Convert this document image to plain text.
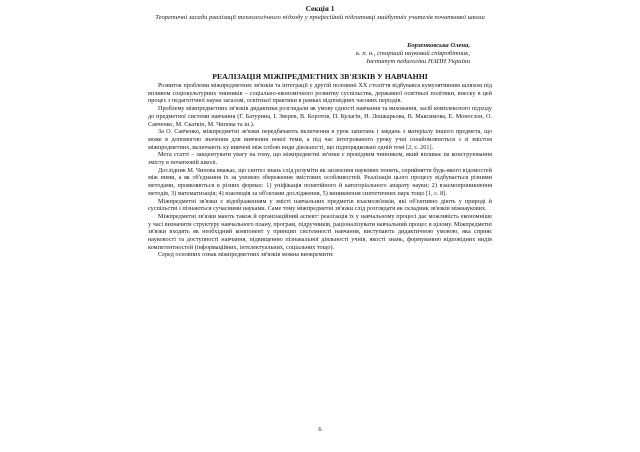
Секція 1
Теоретичні засади реалізації технологічного підходу у професійній підготовці майбутніх учителів початкової школи
Борзенковська Олена,
к. п. н., старший науковий співробітник,
Інститут педагогіки НАПН України
РЕАЛІЗАЦІЯ МІЖПРЕДМЕТНИХ ЗВ'ЯЗКІВ У НАВЧАННІ

Розвиток проблеми міжпредметних зв'язків та інтеграції у другій половині ХХ століття відбувався кумулятивним шляхом під впливом соціокультурних чинників – соціально-економічного розвитку суспільства, державної освітньої політики, внеску в цей процес з педагогічної науки загалом, освітньої практики в рамках відповідних часових періодів.

Проблему міжпредметних зв'язків дидактики розглядали як умову єдності навчання та виховання, засіб комплексного підходу до предметної системи навчання (Г. Батурина, І. Зверев, В. Коротов, П. Кулагін, Н. Лошкарьова, В. Максимова, Е. Моносзон, О. Савченко, М. Скаткін, М. Чипова та ін.).

За О. Савченко, міжпредметні зв'язки передбачають включення в урок запитань і завдань з матеріалу іншого предмета, що може в допомогою значення для вивчення нової теми, а під час інтегрованого уроку учні ознайомлюються з зі змістом міжпредметних, включають ку вивчені між собою види діяльності, що підпорядковані одній темі [2, с. 261].

Мета статті – закцентувати увагу на тому, що міжпредметні зв'язки є провідним чинником, який впливає на конструювання змісту в початковій школі.

Дослідник М. Чипова вважає, що синтез знань слід розуміти як засвоєння наукових понять, сприйняття будь-якого відомостей між ними, а як об'єднання їх за умовою збереження змістових особливостей. Реалізація цього процесу відбувається різними методами, проявляються в різних формах: 1) уніфікація понятійного й категоріального апарату науки; 2) взаємопроникнення методів, 3) математизація; 4) взаємодія за об'єктами дослідження, 5) виникнення синтетичних наук тощо [1, с. 8].

Міжпредметні зв'язки є відображенням у змісті навчальних предметів взаємозв'язків, які об'єктивно діють у природі й суспільстві і пізнаються сучасними науками. Саме тому міжпредметні зв'язки слід розглядати як складник зв'язків міжнаукових.

Міжпредметні зв'язки мають також й організаційний аспект: реалізація їх у навчальному процесі дає можливість економніше у часі визначити структуру навчального плану, програм, підручників, раціоналізувати навчальний процес в цілому. Міжпредметні зв'язки входять як необхідний компонент у принцип системності навчання, виступають дидактичною умовою, яка сприяє науковості та доступності навчання, підвищенню пізнавальної діяльності учнів, якості знань, формуванню відповідних видів компетентностей (інформаційних, інтелектуальних, соціальних тощо).

Серед основних ознак міжпредметних зв'язків можна виокремити:

6
